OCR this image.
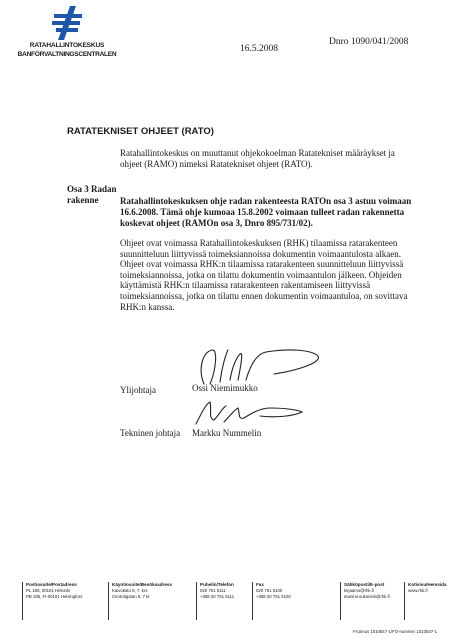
RATAHALLINTOKESKUS
BANFÖRVALTNINGSCENTRALEN
16.5.2008
Dnro 1090/041/2008
RATATEKNISET OHJEET (RATO)
Ratahallintokeskus on muuttanut ohjekokoelman Ratatekniset määräykset ja ohjeet (RAMO) nimeksi Ratatekniset ohjeet (RATO).
Osa 3 Radan rakenne	Ratahallintokeskuksen ohje radan rakenteesta RATOn osa 3 astuu voimaan 16.6.2008. Tämä ohje kumoaa 15.8.2002 voimaan tulleet radan rakennetta koskevat ohjeet (RAMOn osa 3, Dnro 895/731/02).
Ohjeet ovat voimassa Ratahallintokeskuksen (RHK) tilaamissa ratarakenteen suunnitteluun liittyvissä toimeksiannoissa dokumentin voimaantulosta alkaen. Ohjeet ovat voimassa RHK:n tilaamissa ratarakenteen suunnitteluun liittyvissä toimeksiannoissa, jotka on tilattu dokumentin voimaantulon jälkeen. Ohjeiden käyttämistä RHK:n tilaamissa ratarakenteen rakentamiseen liittyvissä toimeksiannoissa, jotka on tilattu ennen dokumentin voimaantuloa, on sovittava RHK:n kanssa.
Ylijohtaja	Ossi Niemimukko
Tekninen johtaja Markku Nummelin
Postiosoite/Postadress
PL 185, 00101 Helsinki
PB 185, FI-00101 Helsingfors
Käyntiosoite/Besöksadress
Kaivokatu 8, 7. krs
Centralgatan 8, 7 kr
Puhelin/Telefon
020 751 5111
+358 20 751 5111
Fax
020 751 5100
+358 20 751 5100
Sähköposti/E-post
kirjaamo@rhk.fi
etunimi.sukunimi@rhk.fi
Kotisivu/Hemsida
www.rhk.fi
Y-tunnus 1010547-1/FO-nummer 1010547-1
